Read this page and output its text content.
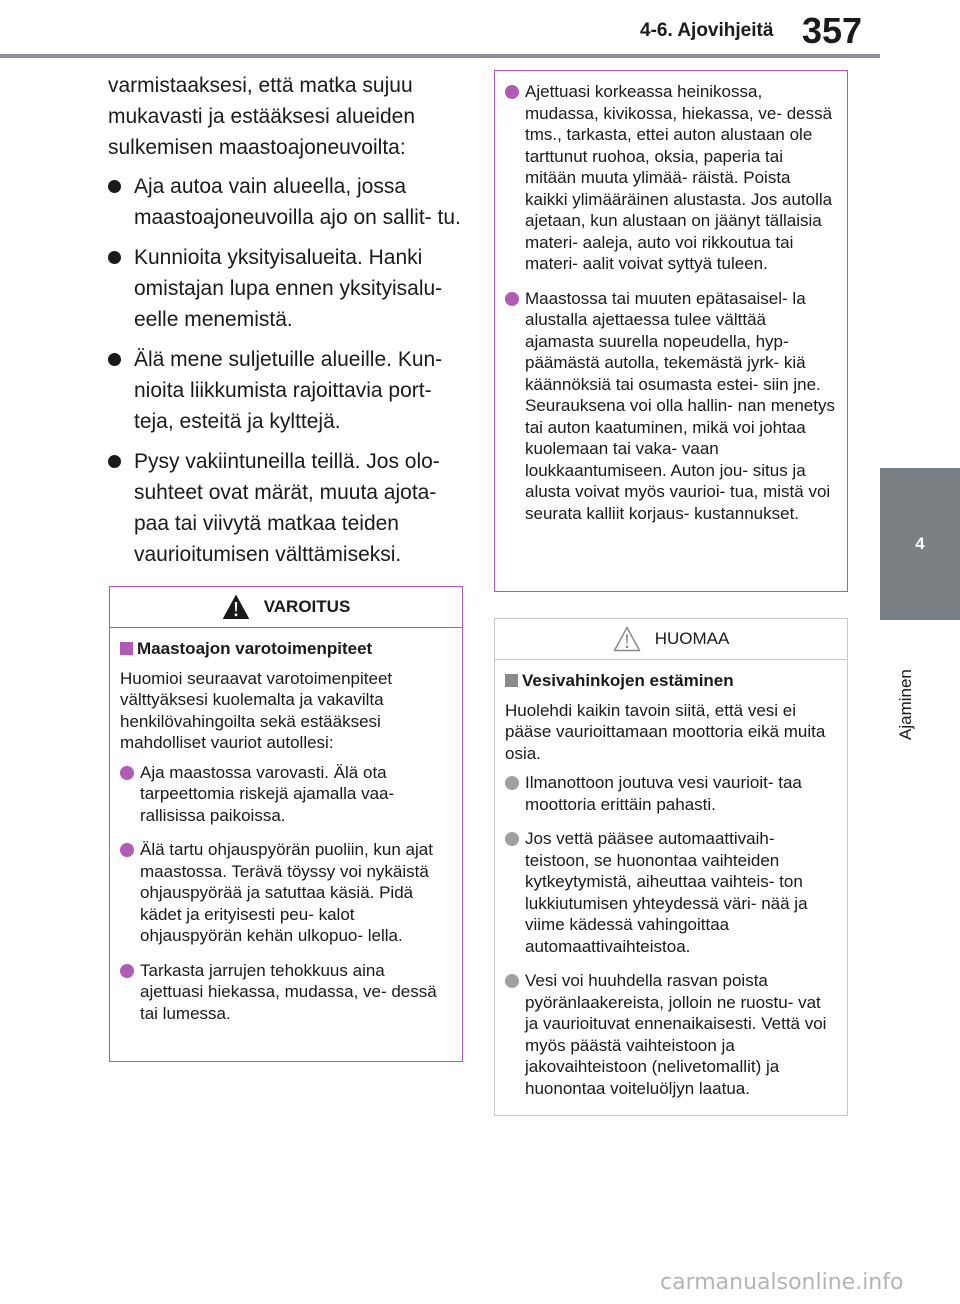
4-6. Ajovihjeitä 357
4
Ajaminen

varmistaaksesi, että matka sujuu mukavasti ja estääksesi alueiden sulkemisen maastoajoneuvoilta:

Aja autoa vain alueella, jossa maastoajoneuvoilla ajo on sallit- tu.
Kunnioita yksityisalueita. Hanki omistajan lupa ennen yksityisalu- eelle menemistä.
Älä mene suljetuille alueille. Kun- nioita liikkumista rajoittavia port- teja, esteitä ja kylttejä.
Pysy vakiintuneilla teillä. Jos olo- suhteet ovat märät, muuta ajota- paa tai viivytä matkaa teiden vaurioitumisen välttämiseksi.
VAROITUS
Maastoajon varotoimenpiteet

Huomioi seuraavat varotoimenpiteet välttyäksesi kuolemalta ja vakavilta henkilövahingoilta sekä estääksesi mahdolliset vauriot autollesi:

Aja maastossa varovasti. Älä ota tarpeettomia riskejä ajamalla vaa- rallisissa paikoissa.
Älä tartu ohjauspyörän puoliin, kun ajat maastossa. Terävä töyssy voi nykäistä ohjauspyörää ja satuttaa käsiä. Pidä kädet ja erityisesti peu- kalot ohjauspyörän kehän ulkopuo- lella.
Tarkasta jarrujen tehokkuus aina ajettuasi hiekassa, mudassa, ve- dessä tai lumessa.
Ajettuasi korkeassa heinikossa, mudassa, kivikossa, hiekassa, ve- dessä tms., tarkasta, ettei auton alustaan ole tarttunut ruohoa, oksia, paperia tai mitään muuta ylimää- räistä. Poista kaikki ylimääräinen alustasta. Jos autolla ajetaan, kun alustaan on jäänyt tällaisia materi- aaleja, auto voi rikkoutua tai materi- aalit voivat syttyä tuleen.
Maastossa tai muuten epätasaisel- la alustalla ajettaessa tulee välttää ajamasta suurella nopeudella, hyp- päämästä autolla, tekemästä jyrk- kiä käännöksiä tai osumasta estei- siin jne. Seurauksena voi olla hallin- nan menetys tai auton kaatuminen, mikä voi johtaa kuolemaan tai vaka- vaan loukkaantumiseen. Auton jou- situs ja alusta voivat myös vaurioi- tua, mistä voi seurata kalliit korjaus- kustannukset.
HUOMAA
Vesivahinkojen estäminen

Huolehdi kaikin tavoin siitä, että vesi ei pääse vaurioittamaan moottoria eikä muita osia.

Ilmanottoon joutuva vesi vaurioit- taa moottoria erittäin pahasti.
Jos vettä pääsee automaattivaih- teistoon, se huonontaa vaihteiden kytkeytymistä, aiheuttaa vaihteis- ton lukkiutumisen yhteydessä väri- nää ja viime kädessä vahingoittaa automaattivaihteistoa.
Vesi voi huuhdella rasvan poista pyöränlaakereista, jolloin ne ruostu- vat ja vaurioituvat ennenaikaisesti. Vettä voi myös päästä vaihteistoon ja jakovaihteistoon (nelivetomallit) ja huonontaa voiteluöljyn laatua.
carmanualsonline.info
